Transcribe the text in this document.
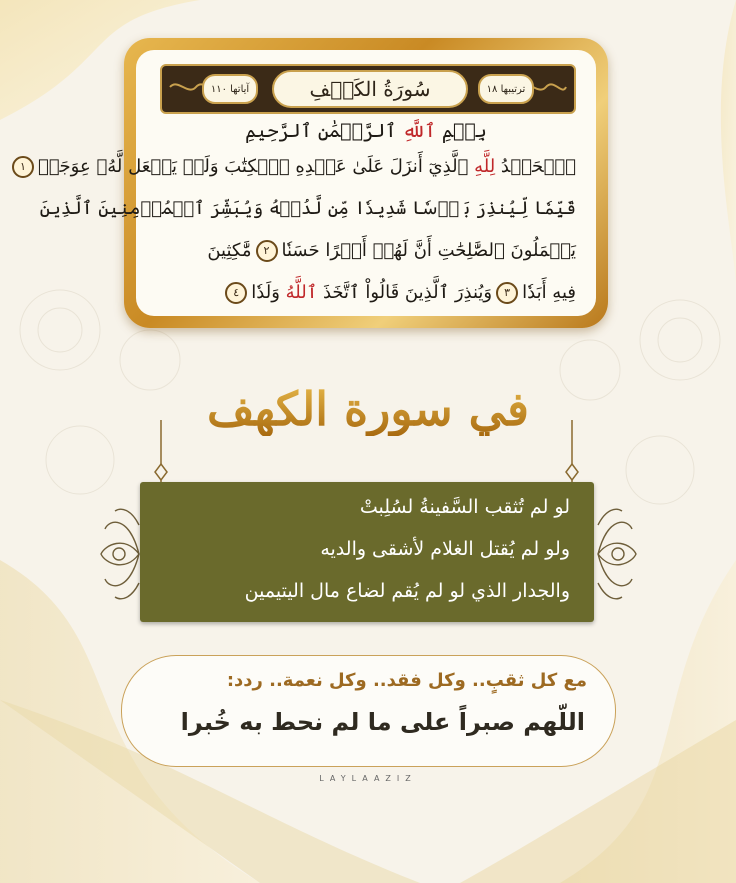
آياتها ١١٠	ترتيبها ١٨
سُورَةُ الكَهۡفِ
بِسۡمِ ٱللَّهِ ٱلرَّحۡمَٰنِ ٱلرَّحِيمِ
ٱلۡحَمۡدُ لِلَّهِ ٱلَّذِيٓ أَنزَلَ عَلَىٰ عَبۡدِهِ ٱلۡكِتَٰبَ وَلَمۡ يَجۡعَل لَّهُۥ عِوَجَاۜ١
قَيِّمٗا لِّيُنذِرَ بَأۡسٗا شَدِيدٗا مِّن لَّدُنۡهُ وَيُبَشِّرَ ٱلۡمُؤۡمِنِينَ ٱلَّذِينَ
يَعۡمَلُونَ ٱلصَّٰلِحَٰتِ أَنَّ لَهُمۡ أَجۡرًا حَسَنٗا٢مَّٰكِثِينَ
فِيهِ أَبَدٗا٣وَيُنذِرَ ٱلَّذِينَ قَالُواْ ٱتَّخَذَ ٱللَّهُ وَلَدٗا٤
في سورة الكهف
لو لم تُثقب السَّفينةُ لسُلِبتْ
ولو لم يُقتل الغلام لأشقى والديه
والجدار الذي لو لم يُقم لضاع مال اليتيمين
مع كل ثقبٍ.. وكل فقد.. وكل نعمة.. ردد:
اللّهم صبراً على ما لم نحط به خُبرا
LAYLAAZIZ
